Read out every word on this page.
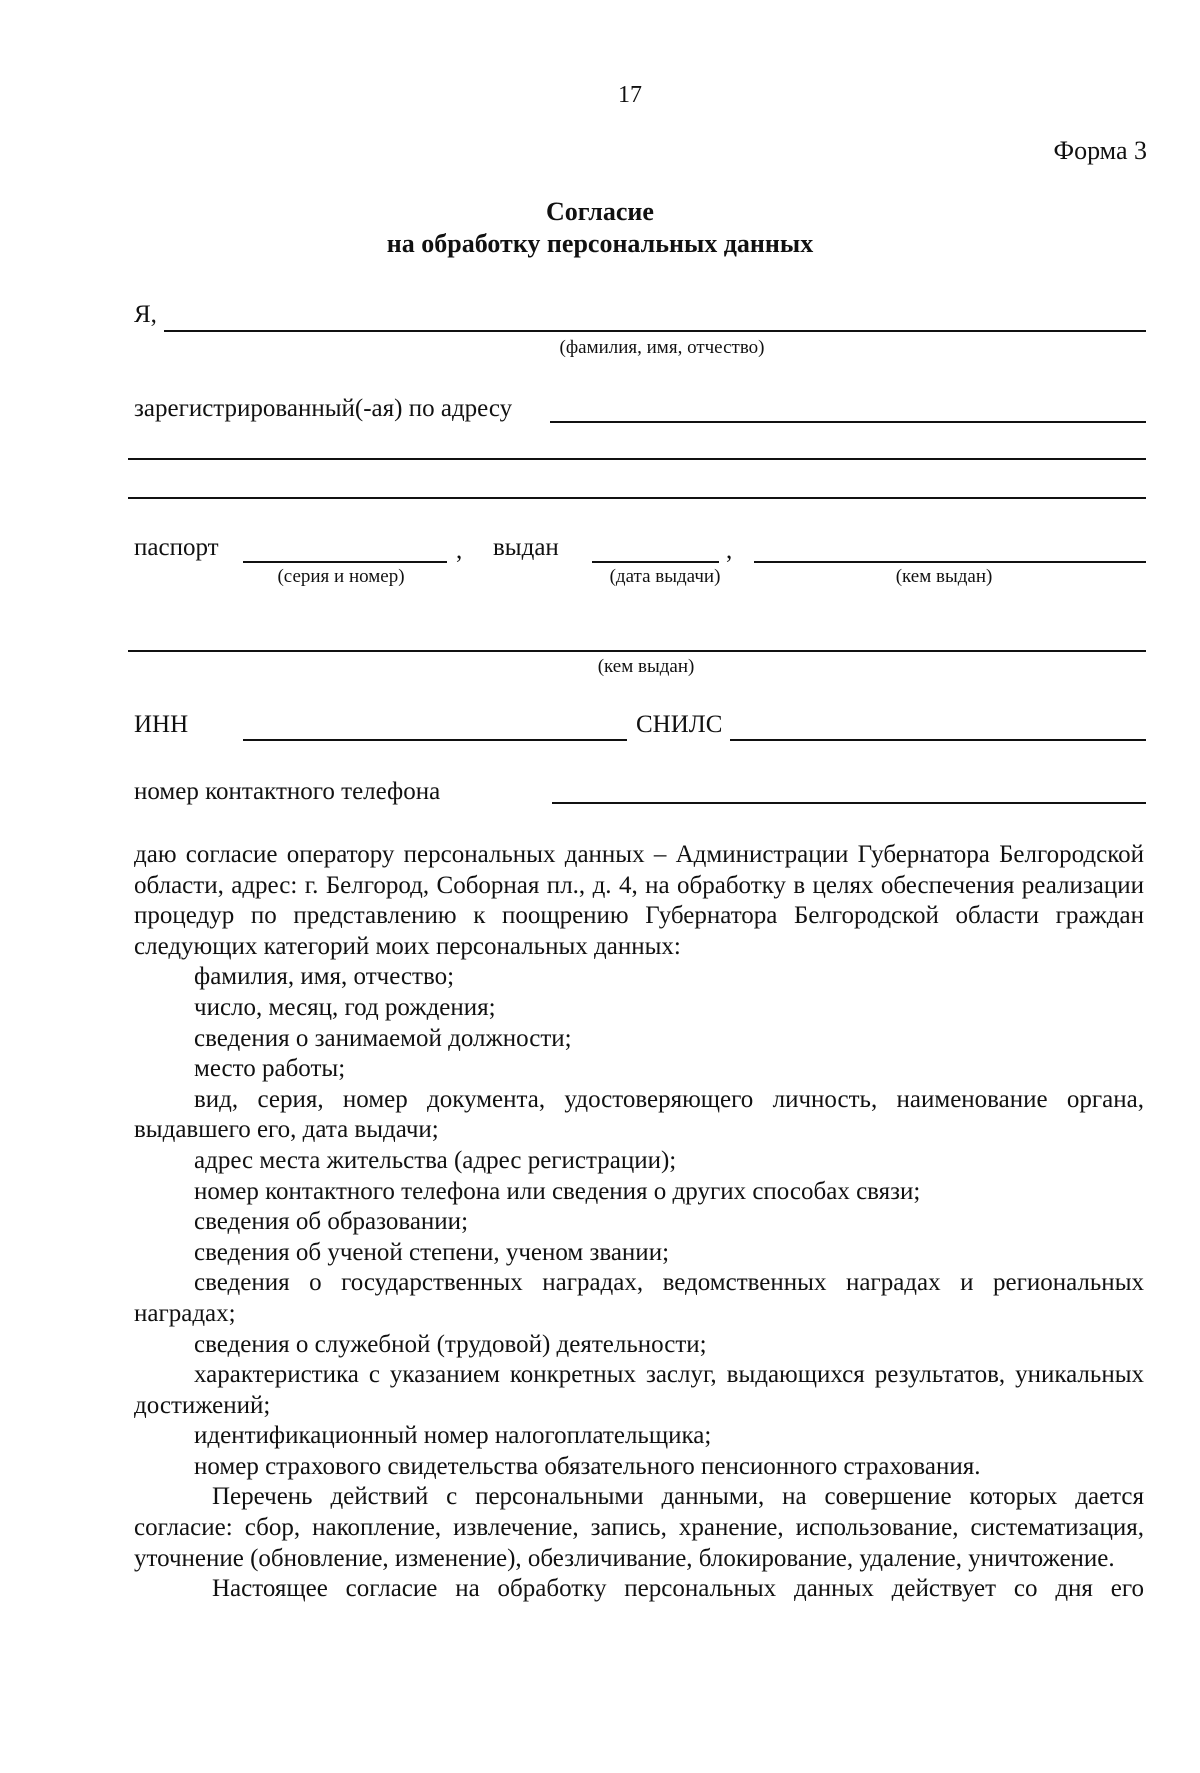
17
Форма 3
Согласие
на обработку персональных данных
Я,
(фамилия, имя, отчество)
зарегистрированный(-ая) по адресу
паспорт	, выдан	,
(серия и номер)	(дата выдачи)	(кем выдан)
(кем выдан)
ИНН	СНИЛС
номер контактного телефона

даю согласие оператору персональных данных – Администрации Губернатора Белгородской области, адрес: г. Белгород, Соборная пл., д. 4, на обработку в целях обеспечения реализации процедур по представлению к поощрению Губернатора Белгородской области граждан следующих категорий моих персональных данных:

фамилия, имя, отчество;

число, месяц, год рождения;

сведения о занимаемой должности;

место работы;

вид, серия, номер документа, удостоверяющего личность, наименование органа, выдавшего его, дата выдачи;

адрес места жительства (адрес регистрации);

номер контактного телефона или сведения о других способах связи;

сведения об образовании;

сведения об ученой степени, ученом звании;

сведения о государственных наградах, ведомственных наградах и региональных наградах;

сведения о служебной (трудовой) деятельности;

характеристика с указанием конкретных заслуг, выдающихся результатов, уникальных достижений;

идентификационный номер налогоплательщика;

номер страхового свидетельства обязательного пенсионного страхования.

Перечень действий с персональными данными, на совершение которых дается согласие: сбор, накопление, извлечение, запись, хранение, использование, систематизация, уточнение (обновление, изменение), обезличивание, блокирование, удаление, уничтожение.

Настоящее согласие на обработку персональных данных действует со дня его
